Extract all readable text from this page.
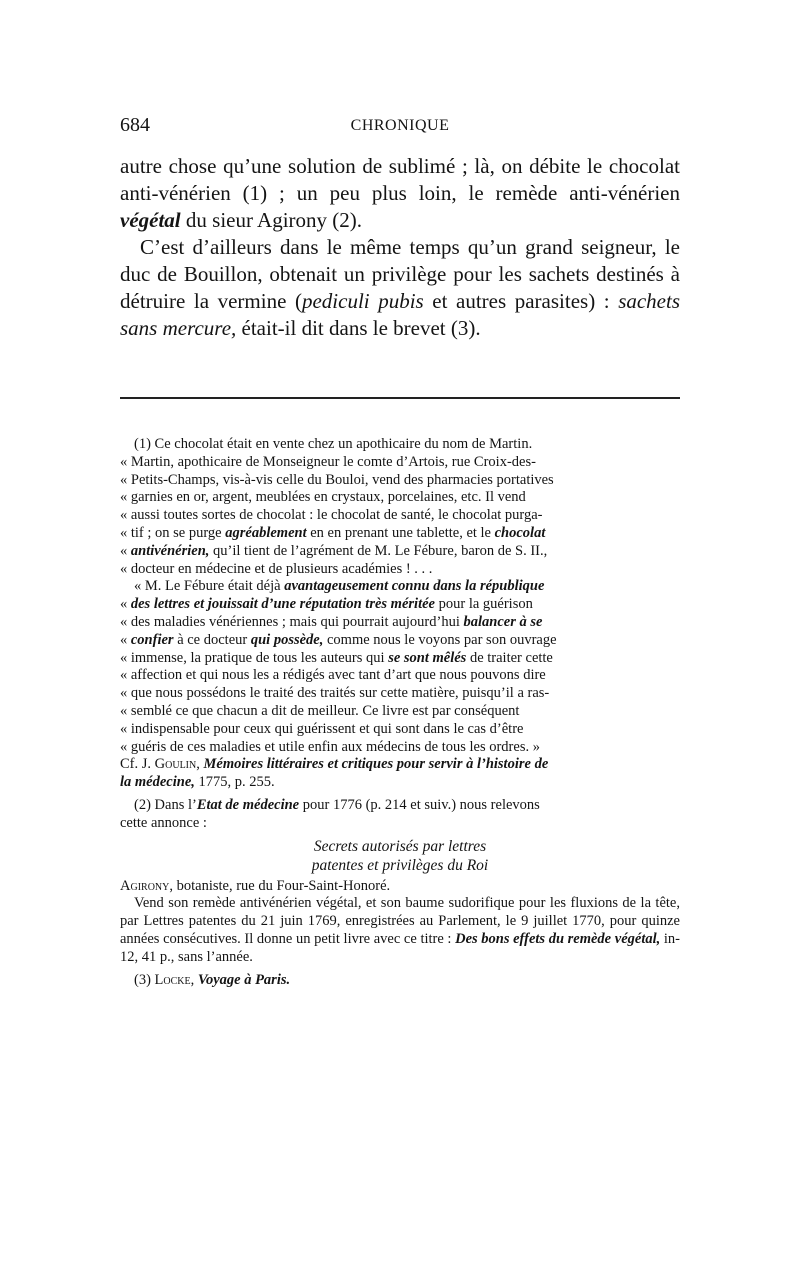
684	CHRONIQUE

autre chose qu’une solution de sublimé ; là, on débite le chocolat anti-vénérien (1) ; un peu plus loin, le remède anti-vénérien végétal du sieur Agirony (2).

C’est d’ailleurs dans le même temps qu’un grand seigneur, le duc de Bouillon, obtenait un privilège pour les sachets destinés à détruire la vermine (pediculi pubis et autres parasites) : sachets sans mercure, était-il dit dans le brevet (3).

(1) Ce chocolat était en vente chez un apothicaire du nom de Martin.
« Martin, apothicaire de Monseigneur le comte d’Artois, rue Croix-des-
« Petits-Champs, vis-à-vis celle du Bouloi, vend des pharmacies portatives
« garnies en or, argent, meublées en crystaux, porcelaines, etc. Il vend
« aussi toutes sortes de chocolat : le chocolat de santé, le chocolat purga-
« tif ; on se purge agréablement en en prenant une tablette, et le chocolat
« antivénérien, qu’il tient de l’agrément de M. Le Fébure, baron de S. II.,
« docteur en médecine et de plusieurs académies ! . . .
« M. Le Fébure était déjà avantageusement connu dans la république
« des lettres et jouissait d’une réputation très méritée pour la guérison
« des maladies vénériennes ; mais qui pourrait aujourd’hui balancer à se
« confier à ce docteur qui possède, comme nous le voyons par son ouvrage
« immense, la pratique de tous les auteurs qui se sont mêlés de traiter cette
« affection et qui nous les a rédigés avec tant d’art que nous pouvons dire
« que nous possédons le traité des traités sur cette matière, puisqu’il a ras-
« semblé ce que chacun a dit de meilleur. Ce livre est par conséquent
« indispensable pour ceux qui guérissent et qui sont dans le cas d’être
« guéris de ces maladies et utile enfin aux médecins de tous les ordres. »
Cf. J. Goulin, Mémoires littéraires et critiques pour servir à l’histoire de
la médecine, 1775, p. 255.
(2) Dans l’Etat de médecine pour 1776 (p. 214 et suiv.) nous relevons
cette annonce :
Secrets autorisés par lettres
patentes et privilèges du Roi
Agirony, botaniste, rue du Four-Saint-Honoré.

Vend son remède antivénérien végétal, et son baume sudorifique pour les fluxions de la tête, par Lettres patentes du 21 juin 1769, enregistrées au Parlement, le 9 juillet 1770, pour quinze années consécutives. Il donne un petit livre avec ce titre : Des bons effets du remède végétal, in-12, 41 p., sans l’année.

(3) Locke, Voyage à Paris.
